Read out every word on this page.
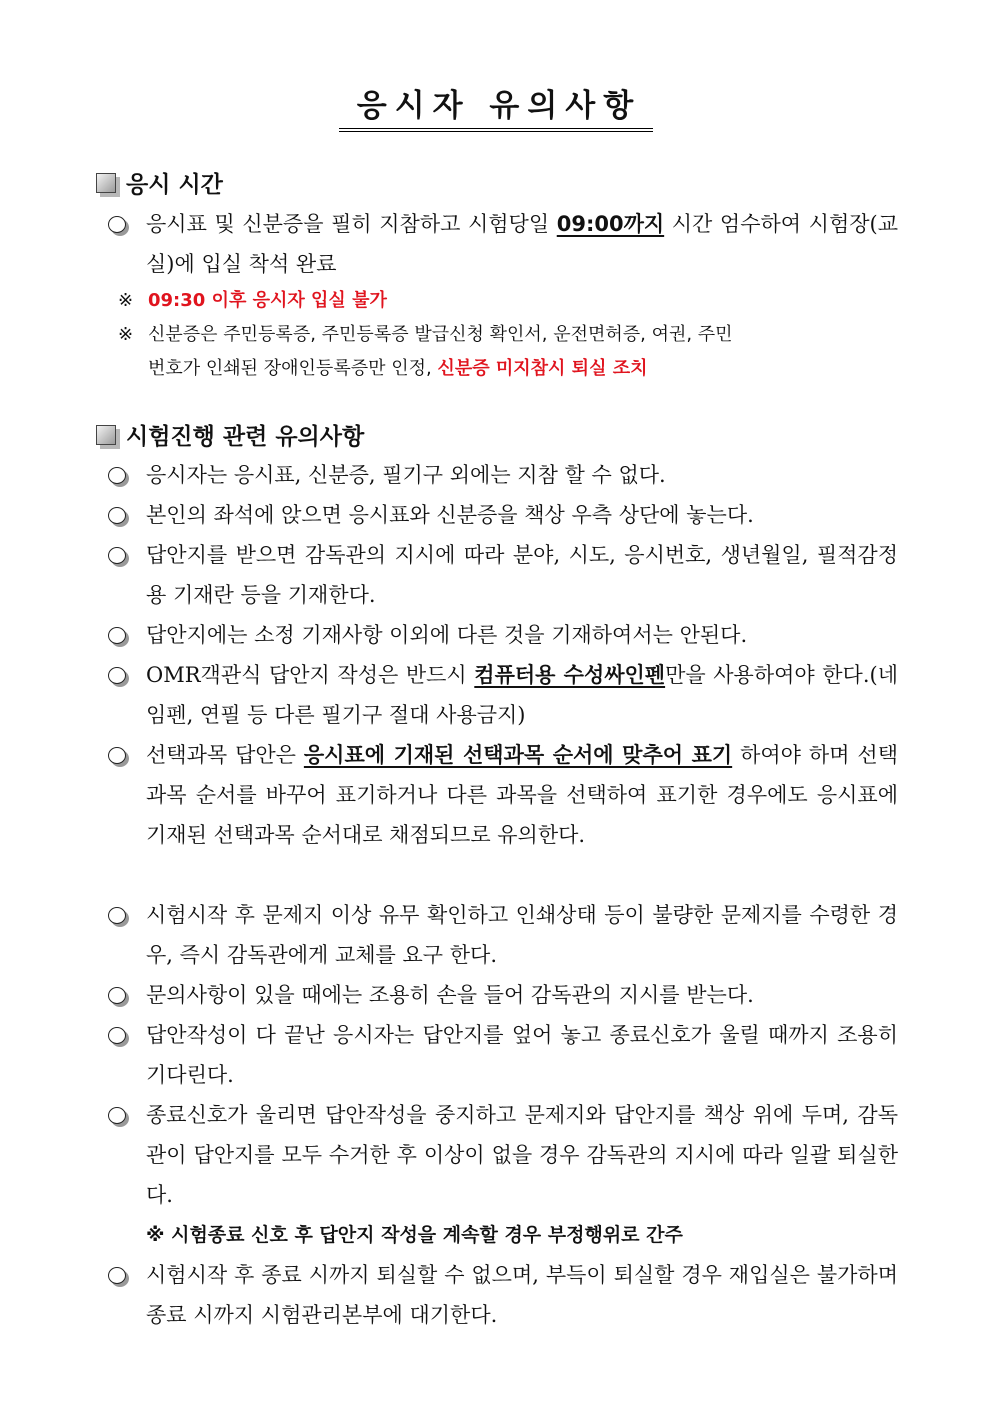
응시자 유의사항
응시 시간
응시표 및 신분증을 필히 지참하고 시험당일 09:00까지 시간 엄수하여 시험장(교실)에 입실 착석 완료
※ 09:30 이후 응시자 입실 불가
※ 신분증은 주민등록증, 주민등록증 발급신청 확인서, 운전면허증, 여권, 주민
번호가 인쇄된 장애인등록증만 인정, 신분증 미지참시 퇴실 조치
시험진행 관련 유의사항
응시자는 응시표, 신분증, 필기구 외에는 지참 할 수 없다.
본인의 좌석에 앉으면 응시표와 신분증을 책상 우측 상단에 놓는다.
답안지를 받으면 감독관의 지시에 따라 분야, 시도, 응시번호, 생년월일, 필적감정용 기재란 등을 기재한다.
답안지에는 소정 기재사항 이외에 다른 것을 기재하여서는 안된다.
OMR객관식 답안지 작성은 반드시 컴퓨터용 수성싸인펜만을 사용하여야 한다.(네임펜, 연필 등 다른 필기구 절대 사용금지)
선택과목 답안은 응시표에 기재된 선택과목 순서에 맞추어 표기 하여야 하며 선택과목 순서를 바꾸어 표기하거나 다른 과목을 선택하여 표기한 경우에도 응시표에 기재된 선택과목 순서대로 채점되므로 유의한다.
시험시작 후 문제지 이상 유무 확인하고 인쇄상태 등이 불량한 문제지를 수령한 경우, 즉시 감독관에게 교체를 요구 한다.
문의사항이 있을 때에는 조용히 손을 들어 감독관의 지시를 받는다.
답안작성이 다 끝난 응시자는 답안지를 엎어 놓고 종료신호가 울릴 때까지 조용히 기다린다.
종료신호가 울리면 답안작성을 중지하고 문제지와 답안지를 책상 위에 두며, 감독관이 답안지를 모두 수거한 후 이상이 없을 경우 감독관의 지시에 따라 일괄 퇴실한다.
※ 시험종료 신호 후 답안지 작성을 계속할 경우 부정행위로 간주
시험시작 후 종료 시까지 퇴실할 수 없으며, 부득이 퇴실할 경우 재입실은 불가하며 종료 시까지 시험관리본부에 대기한다.
